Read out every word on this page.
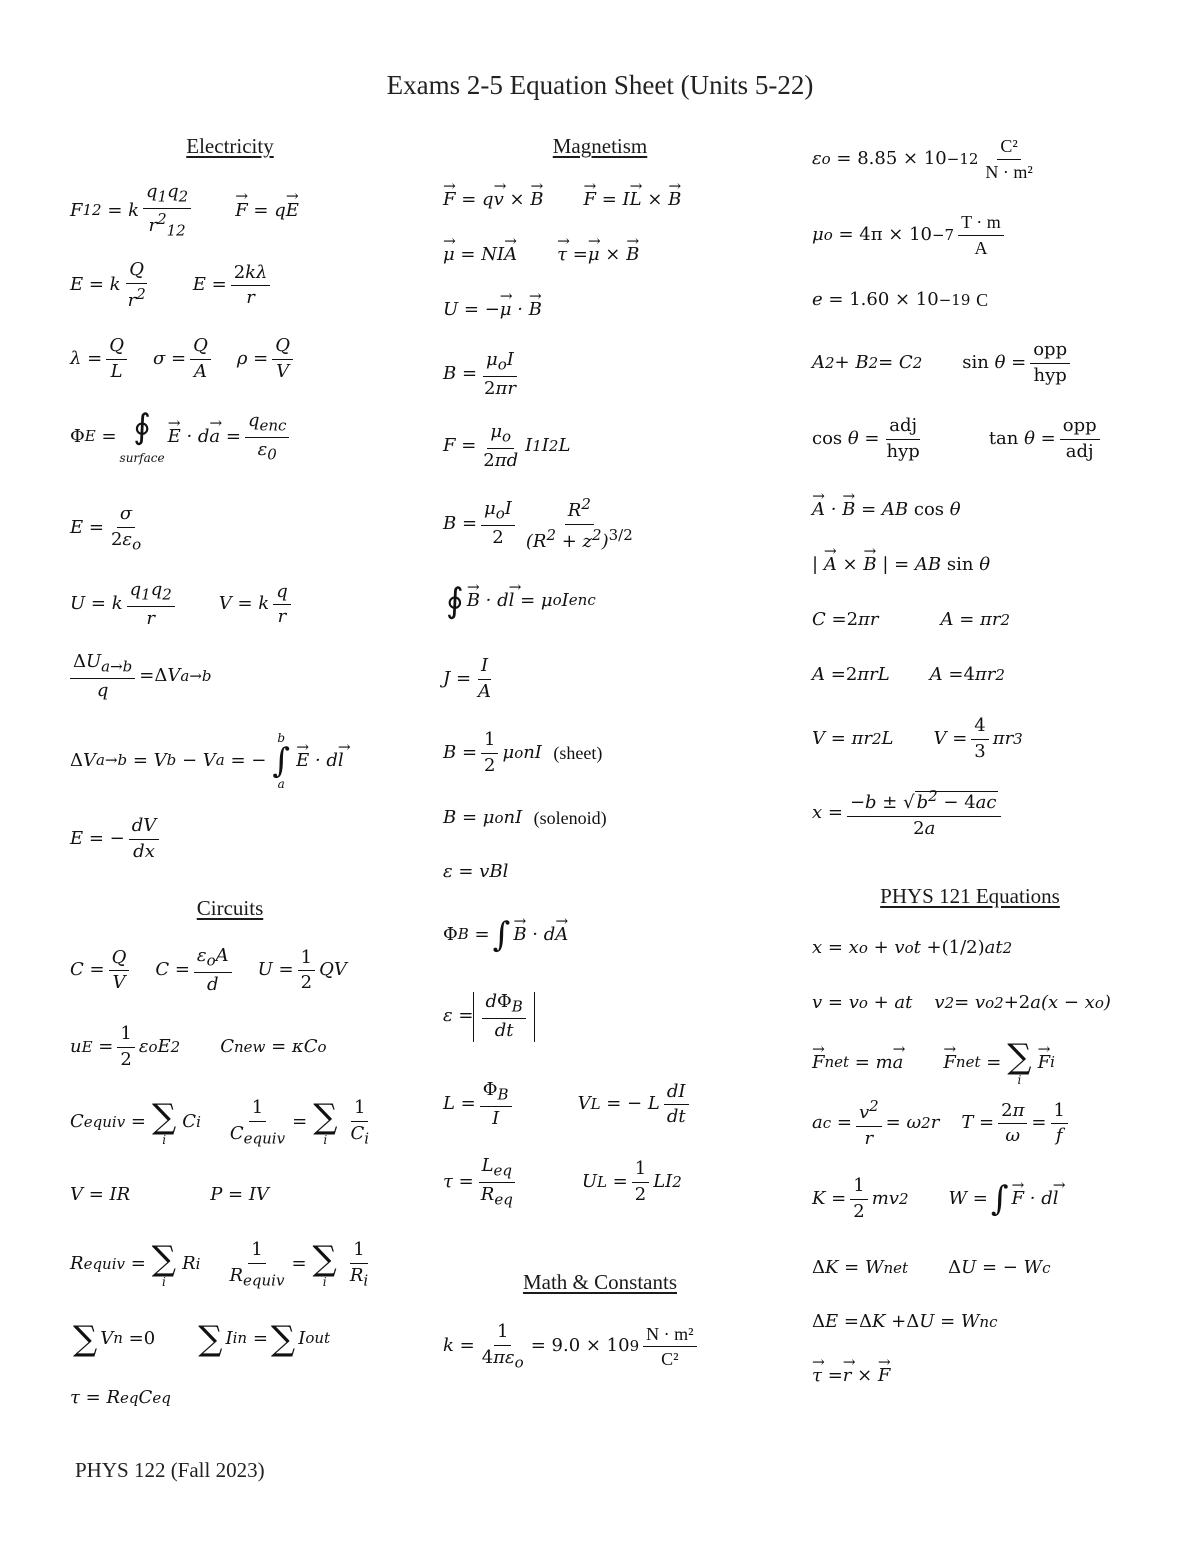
Exams 2-5 Equation Sheet (Units 5-22)
Electricity
F 12 = k $\frac{q_1q_2}{r^2_{12}}$ F → = q E →
E = k $\frac{Q}{r^2}$ $E = \frac{2k\lambda}{r}$
$\lambda = \frac{Q}{L}$ $\sigma = \frac{Q}{A}$ $\rho = \frac{Q}{V}$
Φ E = ∮
surface
E → · d a → = $\frac{q_{enc}}{\varepsilon_0}$
$E = \frac{\sigma}{2\varepsilon_o}$
U = k $\frac{q_1q_2}{r}$ V = k $\frac{q}{r}$
$\frac{\Delta U_{a\to b}}{q} = \Delta$ V a→b
Δ V a→b = V b − V a = −
b
∫
a
E → · d l →
E = − $\frac{dV}{dx}$
Circuits
$C = \frac{Q}{V}$ $C = \frac{\varepsilon_oA}{d}$ $U = \frac{1}{2}$ QV
u $E = \frac{1}{2}$ ε o E 2 C new = κC o
C equiv = ∑
i
C i $\frac{1}{C_{equiv}}$ = ∑
i $\frac{1}{C_i}$
V = IR	P = IV
R equiv = ∑
i
R i $\frac{1}{R_{equiv}}$ = ∑
i $\frac{1}{R_i}$
∑ V n = 0 ∑ I in = ∑ I out
τ = R eq C eq
Magnetism
F → = q v → × B → F → = I L → × B →
μ → = NI A → τ → = μ → × B →
U = − μ → · B →
$B = \frac{\mu_oI}{2\pi r}$
$F = \frac{\mu_o}{2\pi d}$ I 1 I 2 L
$B = \frac{\mu_oI}{2} \frac{R^2}{(R^2 + z^2)^{3/2}}$
∮ B → · d l → = μ o I enc
$J = \frac{I}{A}$
$B = \frac{1}{2}$ μ o nI (sheet)
B = μ o nI (solenoid)
ε = vBl
Φ B = ∫ B → · d A →
$\varepsilon = \frac{d\Phi_B}{dt}$
$L = \frac{\Phi_B}{I}$	V L = − L $\frac{dI}{dt}$
$\tau = \frac{L_{eq}}{R_{eq}}$	U $L = \frac{1}{2}$ LI 2
Math & Constants
$k = \frac{1}{4\pi\varepsilon_o} = 9.0 \times 10$ $9 \frac{\text{N · m²}}{\text{C²}}$
ε $o = 8.85 \times 10 -12 \frac{\text{C²}}{\text{N · m²}}$
μ $o = 4\pi \times 10 -7 \frac{T \cdot m}{A}$
e = 1.60 × 10 −19
C
A 2 + B 2 = C 2 $\sin \theta = \frac{\text{opp}}{\text{hyp}}$
$\cos \theta = \frac{\text{adj}}{\text{hyp}}$	$\tan \theta = \frac{\text{opp}}{\text{adj}}$
A → · B → = AB cos θ
|
A → × B →
| = AB sin θ
C = 2 πr	A = πr 2
A = 2 πrL
A = 4 πr 2
V = πr 2 L
$V = \frac{4}{3}$ πr 3
$x = \frac{-b \pm √ b^2 - 4ac}{2a}$
PHYS 121 Equations
x = x o + v o t + (1/2) at 2
v = v o + at
v 2 = v o 2 + 2 a(x − x o )
F → net = m a → F → net = ∑
i
F → i
a $c = \frac{v^2}{r} = \omega$ 2 r
$T = \frac{2\pi}{\omega} = \frac{1}{f}$
$K = \frac{1}{2}$ mv 2 W = ∫ F → · d l →
Δ K = W net Δ U = − W c
Δ E = Δ K + Δ U = W nc
τ → = r → × F →
PHYS 122 (Fall 2023)
